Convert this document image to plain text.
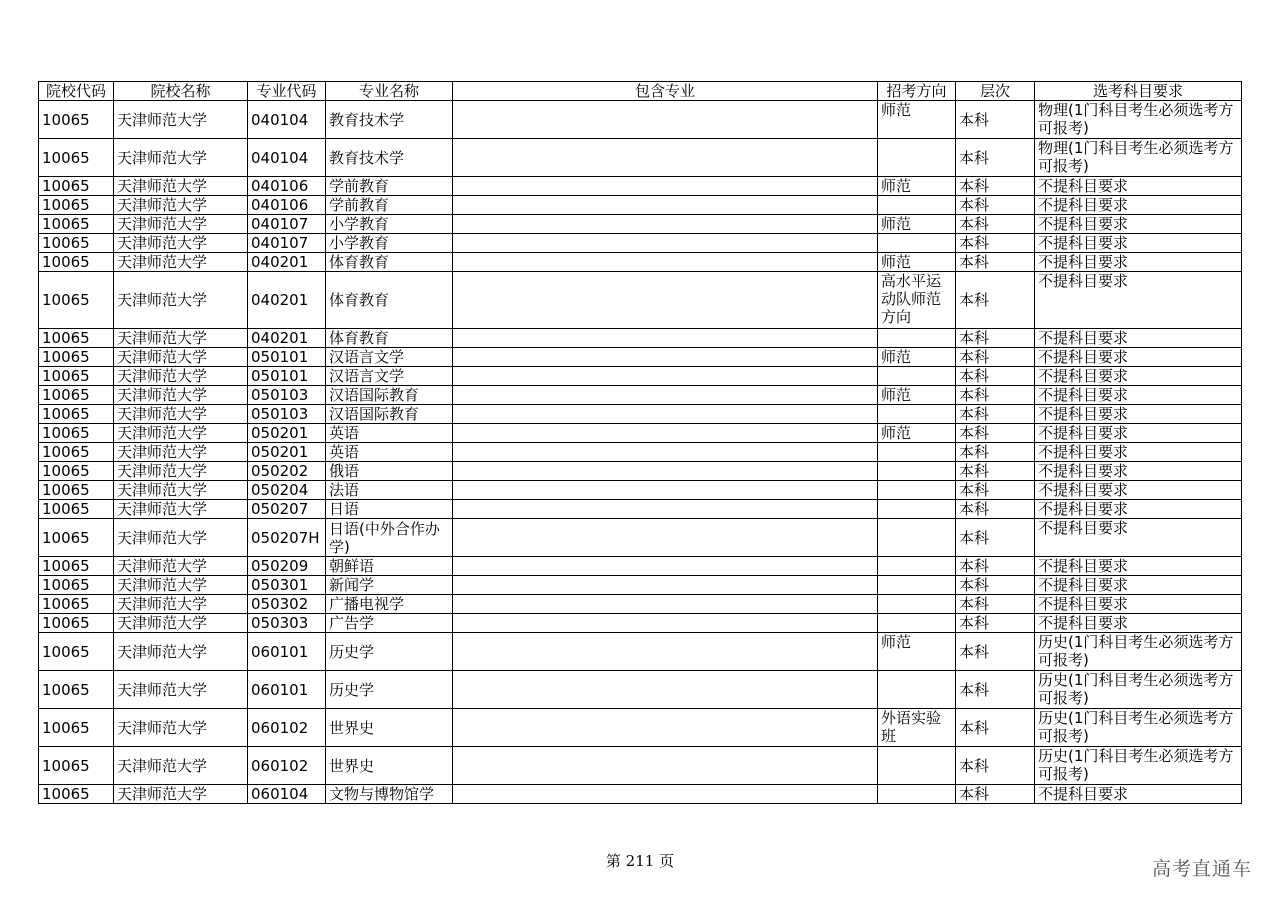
院校代码	院校名称	专业代码	专业名称	包含专业	招考方向	层次	选考科目要求
10065	天津师范大学	040104	教育技术学		师范	本科	物理(1门科目考生必须选考方可报考)
10065	天津师范大学	040104	教育技术学			本科	物理(1门科目考生必须选考方可报考)
10065	天津师范大学	040106	学前教育		师范	本科	不提科目要求
10065	天津师范大学	040106	学前教育			本科	不提科目要求
10065	天津师范大学	040107	小学教育		师范	本科	不提科目要求
10065	天津师范大学	040107	小学教育			本科	不提科目要求
10065	天津师范大学	040201	体育教育		师范	本科	不提科目要求
10065	天津师范大学	040201	体育教育		高水平运动队师范方向	本科	不提科目要求
10065	天津师范大学	040201	体育教育			本科	不提科目要求
10065	天津师范大学	050101	汉语言文学		师范	本科	不提科目要求
10065	天津师范大学	050101	汉语言文学			本科	不提科目要求
10065	天津师范大学	050103	汉语国际教育		师范	本科	不提科目要求
10065	天津师范大学	050103	汉语国际教育			本科	不提科目要求
10065	天津师范大学	050201	英语		师范	本科	不提科目要求
10065	天津师范大学	050201	英语			本科	不提科目要求
10065	天津师范大学	050202	俄语			本科	不提科目要求
10065	天津师范大学	050204	法语			本科	不提科目要求
10065	天津师范大学	050207	日语			本科	不提科目要求
10065	天津师范大学	050207H	日语(中外合作办学)			本科	不提科目要求
10065	天津师范大学	050209	朝鲜语			本科	不提科目要求
10065	天津师范大学	050301	新闻学			本科	不提科目要求
10065	天津师范大学	050302	广播电视学			本科	不提科目要求
10065	天津师范大学	050303	广告学			本科	不提科目要求
10065	天津师范大学	060101	历史学		师范	本科	历史(1门科目考生必须选考方可报考)
10065	天津师范大学	060101	历史学			本科	历史(1门科目考生必须选考方可报考)
10065	天津师范大学	060102	世界史		外语实验班	本科	历史(1门科目考生必须选考方可报考)
10065	天津师范大学	060102	世界史			本科	历史(1门科目考生必须选考方可报考)
10065	天津师范大学	060104	文物与博物馆学			本科	不提科目要求
第 211 页	高考直通车
